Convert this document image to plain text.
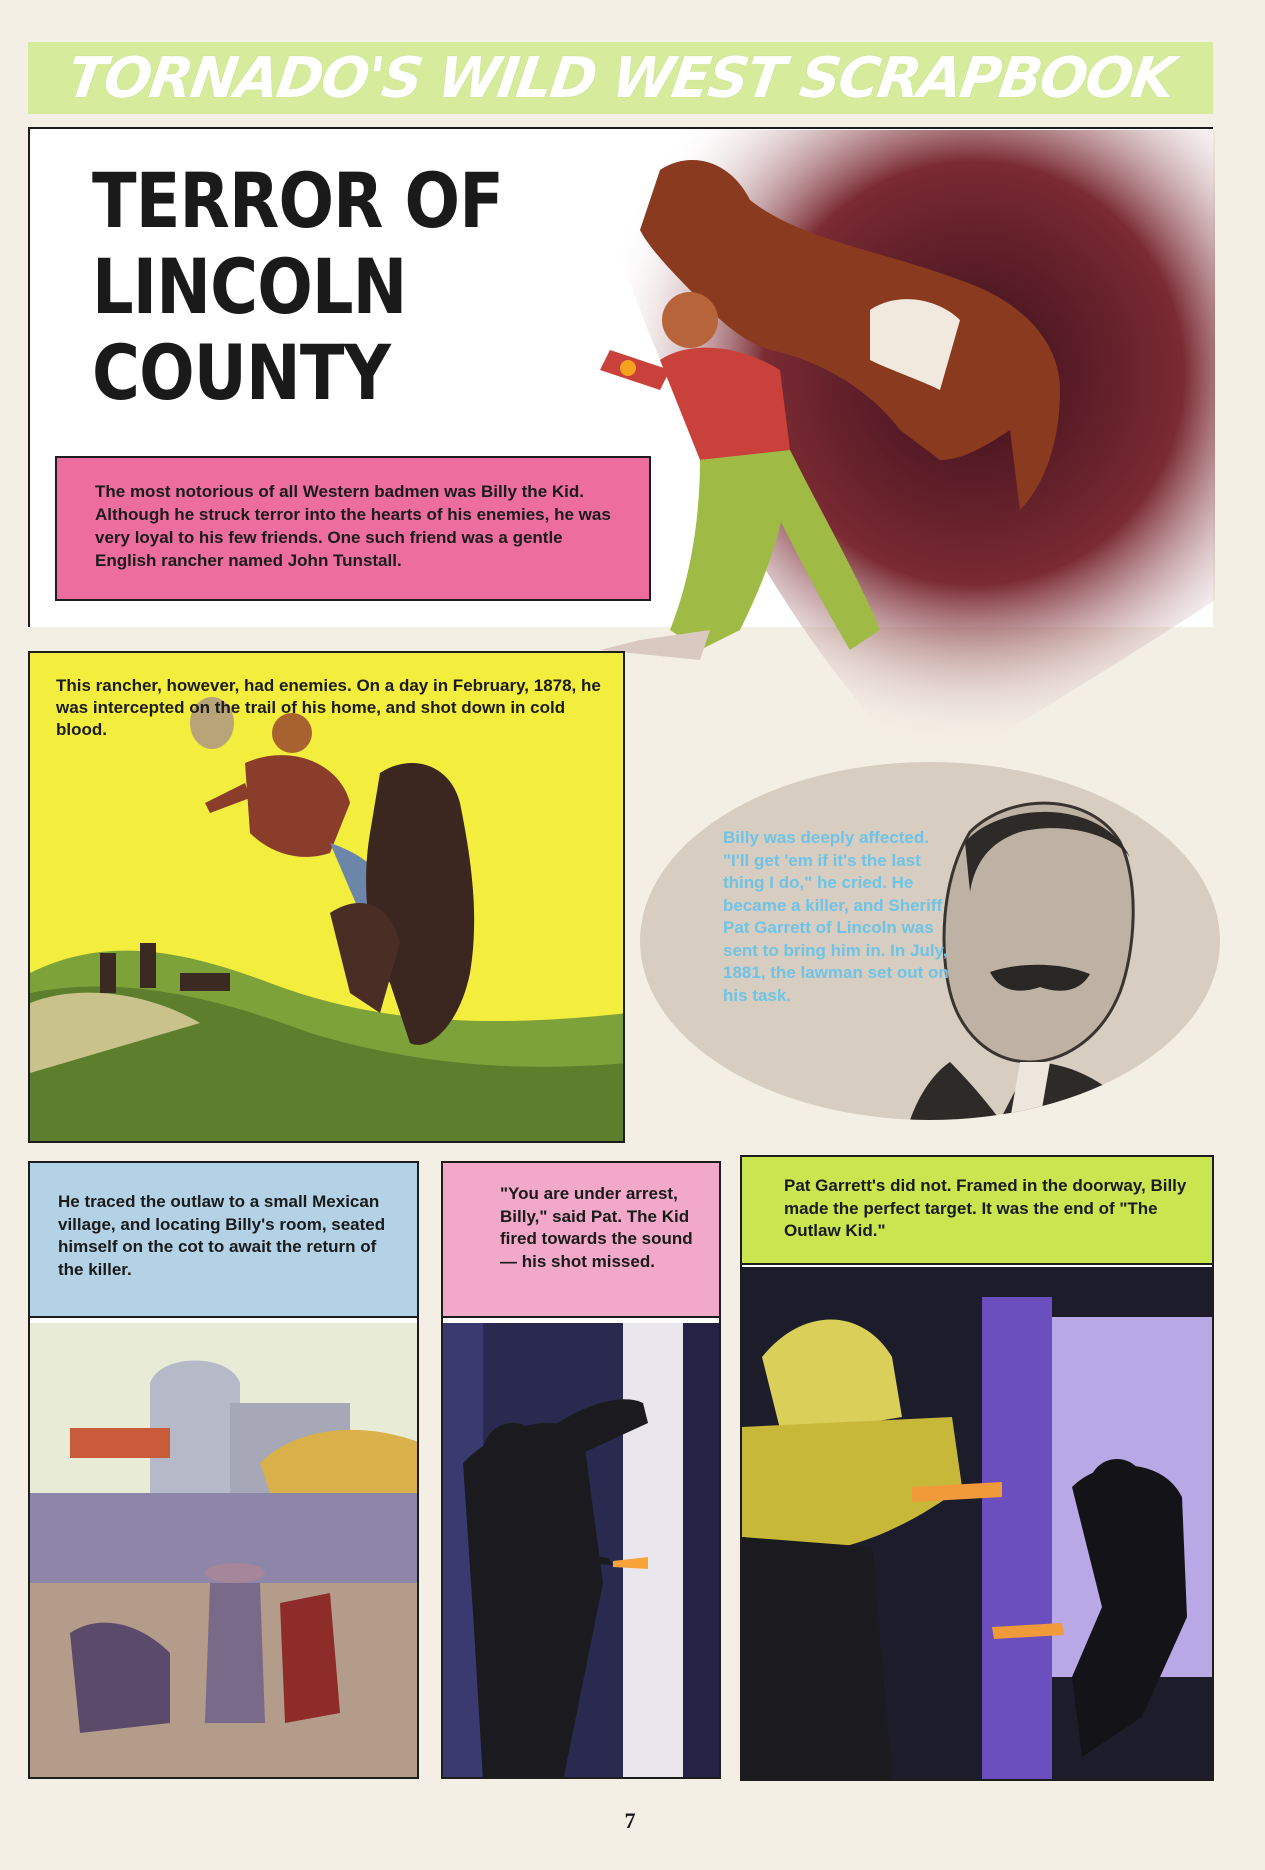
TORNADO'S WILD WEST SCRAPBOOK
TERROR OF
LINCOLN
COUNTY
The most notorious of all Western badmen was Billy the Kid. Although he struck terror into the hearts of his enemies, he was very loyal to his few friends. One such friend was a gentle English rancher named John Tunstall.
This rancher, however, had enemies. On a day in February, 1878, he was intercepted on the trail of his home, and shot down in cold blood.
Billy was deeply affected. "I'll get 'em if it's the last thing I do," he cried. He became a killer, and Sheriff Pat Garrett of Lincoln was sent to bring him in. In July, 1881, the lawman set out on his task.
He traced the outlaw to a small Mexican village, and locating Billy's room, seated himself on the cot to await the return of the killer.
"You are under arrest, Billy," said Pat. The Kid fired towards the sound — his shot missed.
Pat Garrett's did not. Framed in the doorway, Billy made the perfect target. It was the end of "The Outlaw Kid."
7
